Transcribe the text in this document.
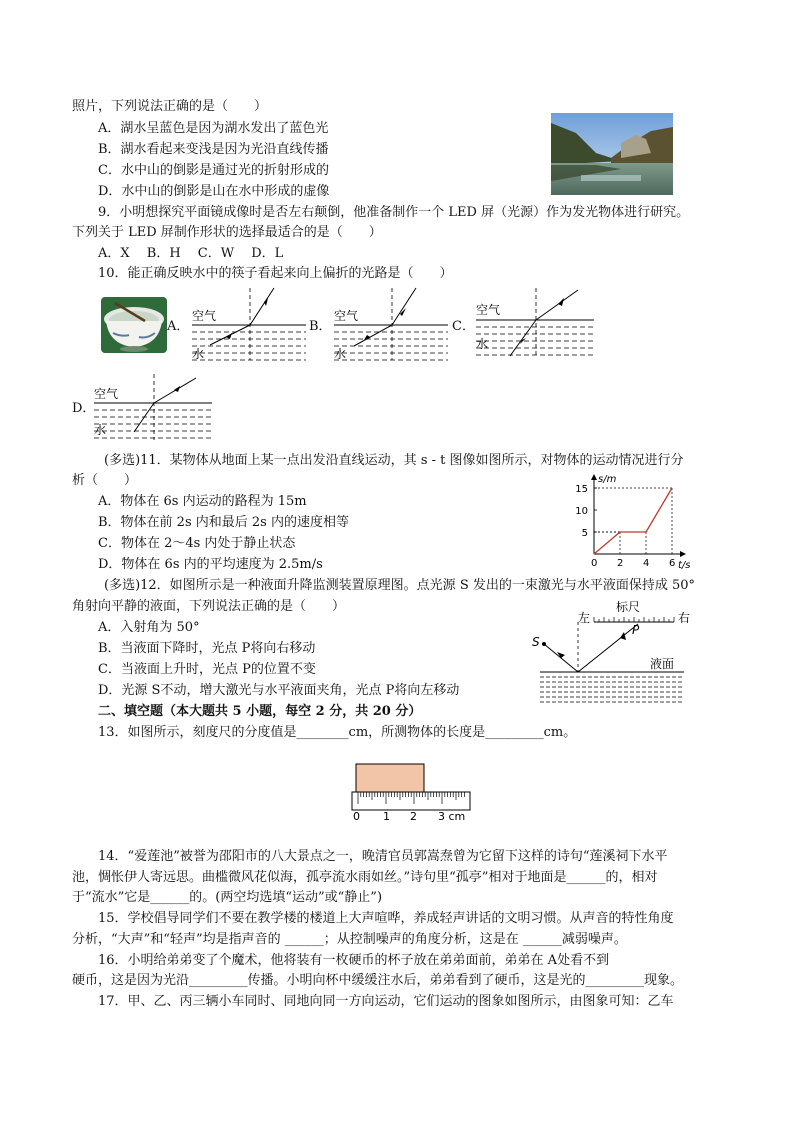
照片，下列说法正确的是（　　）
A．湖水呈蓝色是因为湖水发出了蓝色光
B．湖水看起来变浅是因为光沿直线传播
C．水中山的倒影是通过光的折射形成的
D．水中山的倒影是山在水中形成的虚像
9．小明想探究平面镜成像时是否左右颠倒，他准备制作一个 LED 屏（光源）作为发光物体进行研究。
下列关于 LED 屏制作形状的选择最适合的是（　　）
A．X　 B．H　 C．W　 D．L
10．能正确反映水中的筷子看起来向上偏折的光路是（　　）
A．
空气
水
B．
空气
水
C．
空气
水
D．
空气
水
(多选)11．某物体从地面上某一点出发沿直线运动，其 s - t 图像如图所示，对物体的运动情况进行分
析（　　）
A．物体在 6s 内运动的路程为 15m
B．物体在前 2s 内和最后 2s 内的速度相等
C．物体在 2～4s 内处于静止状态
D．物体在 6s 内的平均速度为 2.5m/s
s/m
t/s
0 2 4 6
5
10
15
(多选)12．如图所示是一种液面升降监测装置原理图。点光源 S 发出的一束激光与水平液面保持成 50°
角射向平静的液面，下列说法正确的是（　　）
A．入射角为 50°
B．当液面下降时，光点 P将向右移动
C．当液面上升时，光点 P的位置不变
D．光源 S不动，增大激光与水平液面夹角，光点 P将向左移动
左
标尺
右
S
P
液面
二、填空题（本大题共 5 小题，每空 2 分，共 20 分）
13．如图所示，刻度尺的分度值是________cm，所测物体的长度是_________cm。
0 1 2 3 cm
14．“爱莲池”被誉为邵阳市的八大景点之一，晚清官员郭嵩焘曾为它留下这样的诗句“莲溪祠下水平
池，惆怅伊人寄远思。曲槛微风花似海，孤亭流水雨如丝。”诗句里“孤亭”相对于地面是______的，相对
于“流水”它是______的。(两空均选填“运动”或“静止”)
15．学校倡导同学们不要在教学楼的楼道上大声喧哗，养成轻声讲话的文明习惯。从声音的特性角度
分析，“大声”和“轻声”均是指声音的 ______；从控制噪声的角度分析，这是在 ______减弱噪声。
16．小明给弟弟变了个魔术，他将装有一枚硬币的杯子放在弟弟面前，弟弟在 A处看不到
硬币，这是因为光沿_________传播。小明向杯中缓缓注水后，弟弟看到了硬币，这是光的_________现象。
17．甲、乙、丙三辆小车同时、同地向同一方向运动，它们运动的图象如图所示，由图象可知：乙车
